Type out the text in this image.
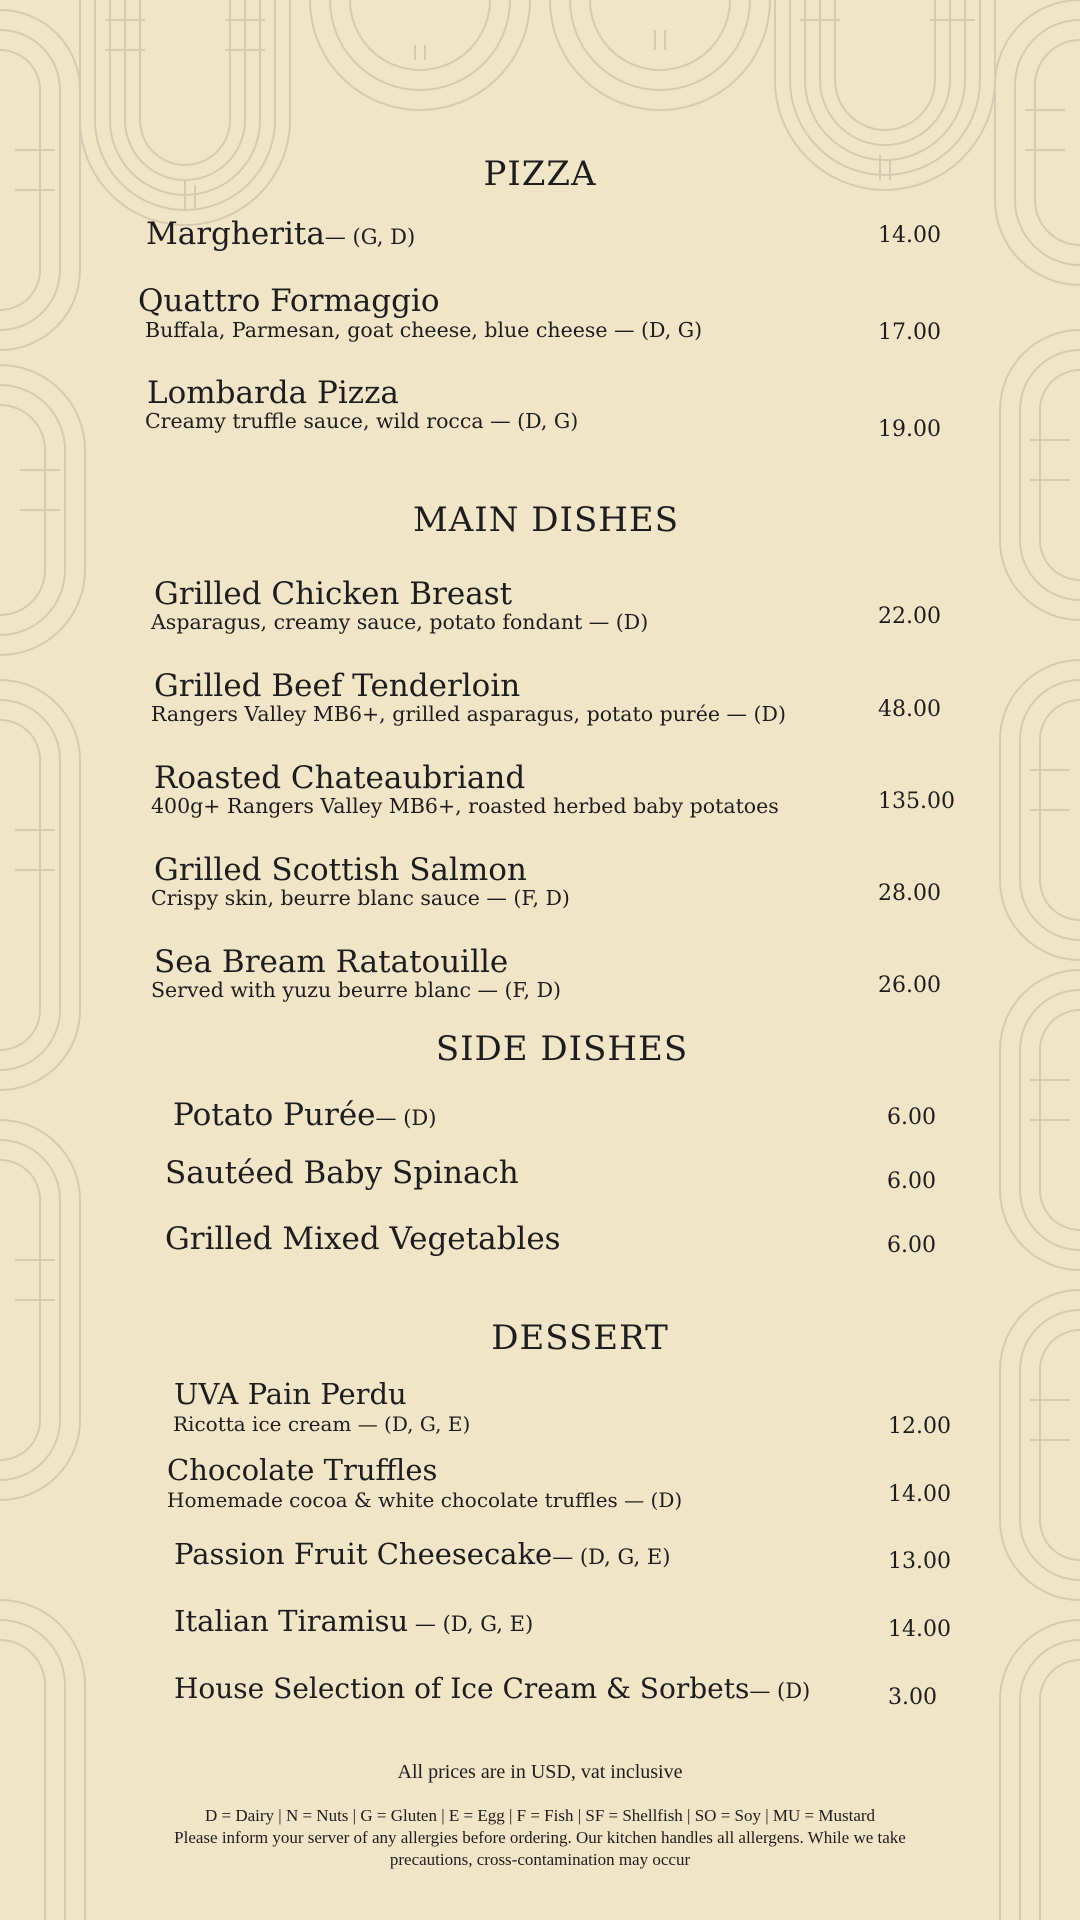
PIZZA
Margherita— (G, D)	14.00
Quattro Formaggio
Buffala, Parmesan, goat cheese, blue cheese — (D, G)	17.00
Lombarda Pizza
Creamy truffle sauce, wild rocca — (D, G)	19.00
MAIN DISHES
Grilled Chicken Breast
Asparagus, creamy sauce, potato fondant — (D)	22.00
Grilled Beef Tenderloin
Rangers Valley MB6+, grilled asparagus, potato purée — (D)	48.00
Roasted Chateaubriand
400g+ Rangers Valley MB6+, roasted herbed baby potatoes	135.00
Grilled Scottish Salmon
Crispy skin, beurre blanc sauce — (F, D)	28.00
Sea Bream Ratatouille
Served with yuzu beurre blanc — (F, D)	26.00
SIDE DISHES
Potato Purée— (D)	6.00
Sautéed Baby Spinach	6.00
Grilled Mixed Vegetables	6.00
DESSERT
UVA Pain Perdu
Ricotta ice cream — (D, G, E)	12.00
Chocolate Truffles
Homemade cocoa & white chocolate truffles — (D)	14.00
Passion Fruit Cheesecake— (D, G, E)	13.00
Italian Tiramisu — (D, G, E)	14.00
House Selection of Ice Cream & Sorbets— (D)	3.00
All prices are in USD, vat inclusive
D = Dairy | N = Nuts | G = Gluten | E = Egg | F = Fish | SF = Shellfish | SO = Soy | MU = Mustard
Please inform your server of any allergies before ordering. Our kitchen handles all allergens. While we take
precautions, cross-contamination may occur
